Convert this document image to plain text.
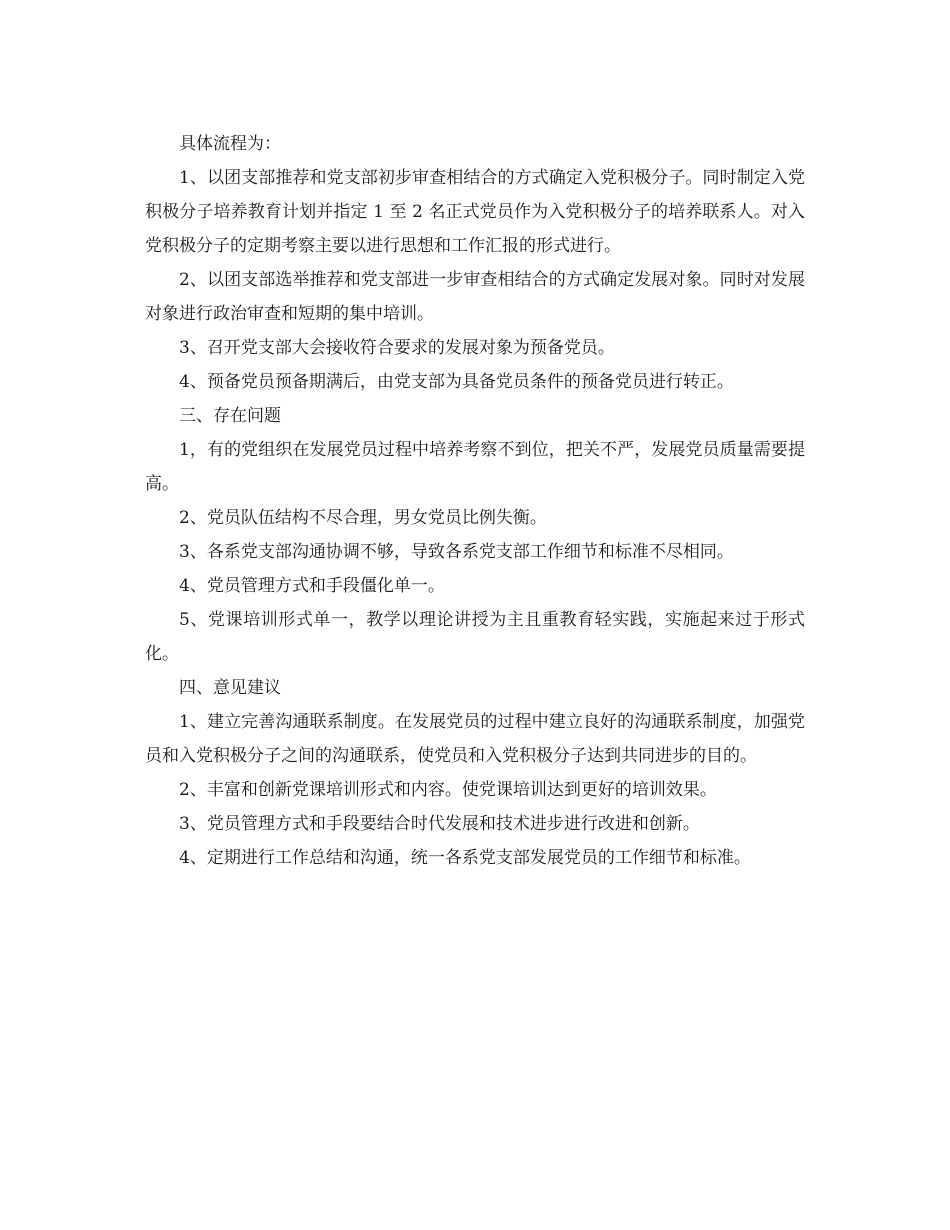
具体流程为：

1、以团支部推荐和党支部初步审查相结合的方式确定入党积极分子。同时制定入党积极分子培养教育计划并指定 1 至 2 名正式党员作为入党积极分子的培养联系人。对入党积极分子的定期考察主要以进行思想和工作汇报的形式进行。

2、以团支部选举推荐和党支部进一步审查相结合的方式确定发展对象。同时对发展对象进行政治审查和短期的集中培训。

3、召开党支部大会接收符合要求的发展对象为预备党员。

4、预备党员预备期满后，由党支部为具备党员条件的预备党员进行转正。

三、存在问题

1，有的党组织在发展党员过程中培养考察不到位，把关不严，发展党员质量需要提高。

2、党员队伍结构不尽合理，男女党员比例失衡。

3、各系党支部沟通协调不够，导致各系党支部工作细节和标准不尽相同。

4、党员管理方式和手段僵化单一。

5、党课培训形式单一，教学以理论讲授为主且重教育轻实践，实施起来过于形式化。

四、意见建议

1、建立完善沟通联系制度。在发展党员的过程中建立良好的沟通联系制度，加强党员和入党积极分子之间的沟通联系，使党员和入党积极分子达到共同进步的目的。

2、丰富和创新党课培训形式和内容。使党课培训达到更好的培训效果。

3、党员管理方式和手段要结合时代发展和技术进步进行改进和创新。

4、定期进行工作总结和沟通，统一各系党支部发展党员的工作细节和标准。
